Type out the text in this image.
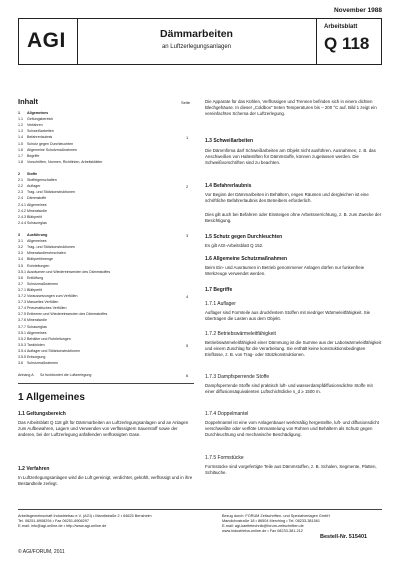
November 1988
AGI	Dämmarbeiten
an Luftzerlegungsanlagen
Arbeitsblatt
Q 118
Inhalt	Seite
1 Allgemeines
1.1 Geltungsbereich
1.2 Verfahren
1.3 Schweißarbeiten
1.4 Befahrerlaubnis	1
1.5 Schutz gegen Durchleuchten
1.6 Allgemeine Schutzmaßnahmen
1.7 Begriffe
1.8 Vorschriften, Normen, Richtlinien, Arbeitsblätter
2 Stoffe
2.1 Stoffeigenschaften
2.2 Auflager	2
2.3 Trag- und Stützkonstruktionen
2.4 Dämmstoffe
2.4.1 Allgemeines
2.4.2 Mineralwolle
2.4.3 Blähperlit
2.4.4 Schaumglas
3 Ausführung	3
3.1 Allgemeines
3.2 Trag- und Stützkonstruktionen
3.3 Mineralwollerohrschalen
3.4 Blähperlitmenge
3.5 Rohrleitungen
3.5.1 Ausräumen und Wiedereinwerden des Dämmstoffes
3.6 Entlüftung
3.7 Schutzmaßnahmen
3.7.1 Blähperlit
3.7.2 Voraussetzungen zum Verfüllen	4
3.7.3 Manuelles Verfüllen
3.7.4 Pneumatisches Verfüllen
3.7.5 Entleeren und Wiedereinwerden des Dämmstoffes
3.7.6 Mineralwolle
3.7.7 Schaumglas
3.5.1 Allgemeines
3.5.2 Behälter und Rohrleitungen
3.5.3 Tankböden	5
3.5.4 Auflager und Stützkonstruktionen
3.5.5 Entsorgung
3.6 Schutzmaßnahmen
Anhang A Sz funktioniert die Luftzerlegung	6
1 Allgemeines
1.1 Geltungsbereich
Das Arbeitsblatt Q 118 gilt für Dämmarbeiten an Luftzerlegungsanlagen und an Anlagen zum Aufbewahren, Lagern und Verwenden von verflüssigtem Sauerstoff sowie der anderen, bei der Luftzerlegung anfallenden verflüssigten Gase.
1.2 Verfahren
In Luftzerlegungsanlagen wird die Luft gereinigt, verdichtet, gekühlt, verflüssigt und in ihre Bestandteile zerlegt.
Die Apparate für das Kühlen, Verflüssigen und Trennen befinden sich in einem dichten Blechgehäuse. In dieser „Coldbox" treten Temperaturen bis – 200 °C auf. Bild 1 zeigt ein vereinfachtes Schema der Luftzerlegung.
1.3 Schweißarbeiten
Die Dämmfirma darf Schweißarbeiten am Objekt nicht ausführen. Ausnahmen, z. B. das Anschweißen von Haltestiften für Dämmstoffe, können zugelassen werden. Die Schweißvorschriften sind zu beachten.
1.4 Befahrerlaubnis
Vor Beginn der Dämmarbeiten in Behältern, engen Räumen und dergleichen ist eine schriftliche Befahrerlaubnis des Betreibers erforderlich.
Dies gilt auch bei Befahren oder Einsteigen ohne Arbeitsverrichtung, z. B. zum Zwecke der Besichtigung.
1.5 Schutz gegen Durchleuchten
Es gilt AGI-Arbeitsblatt Q 152.
1.6 Allgemeine Schutzmaßnahmen
Beim Ein- und Ausräumen in Betrieb genommener Anlagen dürfen nur funkenfreie Werkzeuge verwendet werden.
1.7 Begriffe
1.7.1 Auflager
Auflager sind Formteile aus druckfestem Stoffen mit niedriger Wärmeleitfähigkeit. Sie übertragen die Lasten aus dem Objekt.
1.7.2 Betriebswärmeleitfähigkeit
Betriebswärmeleitfähigkeit einer Dämmung ist die Summe aus der Laborwärmeleitfähigkeit und einem Zuschlag für die Verarbeitung. Sie enthält keine konstruktionsbedingten Einflüsse, z. B. von Trag- oder Stützkonstruktionen.
1.7.3 Dampfsperrende Stoffe
Dampfsperrende Stoffe sind praktisch luft- und wasserdampfdiffusionsdichte Stoffe mit einer diffusionsäquivalenten Luftschichtdicke s_d ≥ 1500 m.
1.7.4 Doppelmantel
Doppelmantel ist eine vom Anlagenbauer werkmäßig hergestellte, luft- und diffusionsdicht verschweißte oder verflöte Ummantelung von Rohren und Behältern als Schutz gegen Durchleuchtung und mechanische Beschädigung.
1.7.5 Formstücke
Formstücke sind vorgefertigte Teile aus Dämmstoffen, z. B. Schalen, Segmente, Platten, Schläuche.
Arbeitsgemeinschaft Industriebau e.V. (AGI) • Mandlstraße 2 • 64625 Bensheim
Tel. 06251-8908294 • Fax 06251-8908297
E-mail: info@agi-online.de • http://www.agi-online.de
Bezug durch: FORUM Zeitschriften- und Spezialverlagen GmbH
Mandichostraße 18 • 86504 Merching • Tel. 08233-381561
E-mail: agi-kaeltetechnik@forum-zeitschriften.de
www.industrieba-online.de • Fax 08233-381-212
Bestell-Nr. 515401
© AGI/FORUM, 2011
